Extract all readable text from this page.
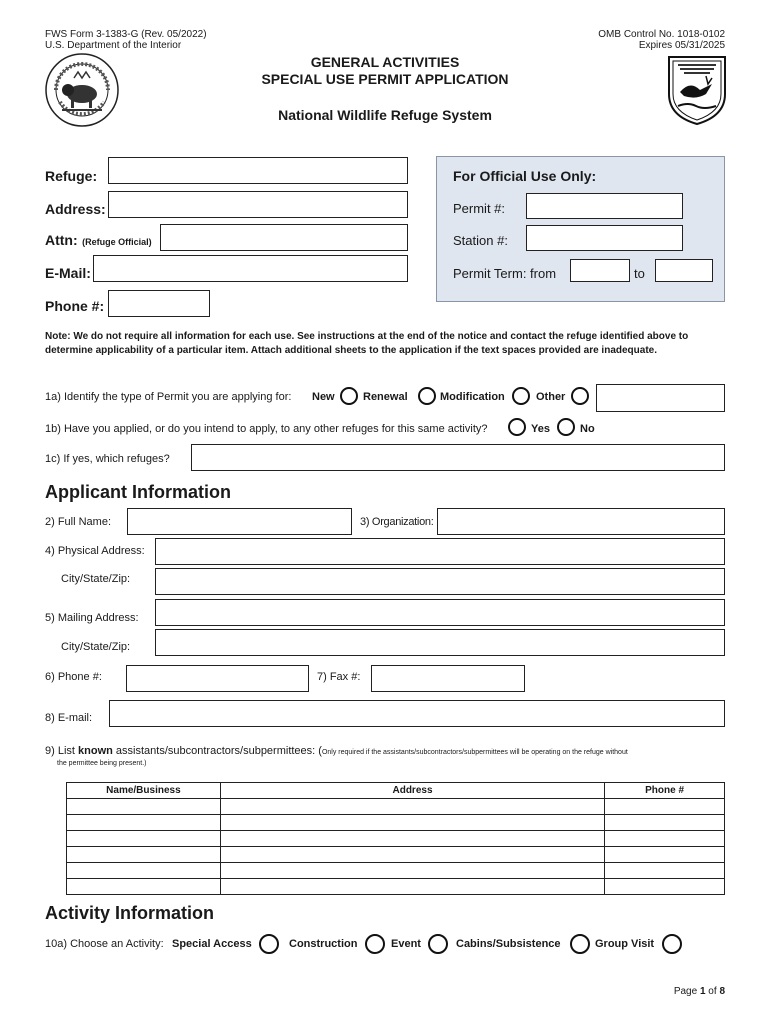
FWS Form 3-1383-G (Rev. 05/2022)
U.S. Department of the Interior
OMB Control No. 1018-0102
Expires 05/31/2025
GENERAL ACTIVITIES
SPECIAL USE PERMIT APPLICATION
National Wildlife Refuge System
Refuge:
Address:
Attn: (Refuge Official)
E-Mail:
Phone #:
For Official Use Only:
Permit #:
Station #:
Permit Term: from	to
Note: We do not require all information for each use. See instructions at the end of the notice and contact the refuge identified above to determine applicability of a particular item. Attach additional sheets to the application if the text spaces provided are inadequate.
1a) Identify the type of Permit you are applying for: New	Renewal	Modification	Other
1b) Have you applied, or do you intend to apply, to any other refuges for this same activity?	Yes	No
1c) If yes, which refuges?
Applicant Information
2) Full Name:	3) Organization:
4) Physical Address:
City/State/Zip:
5) Mailing Address:
City/State/Zip:
6) Phone #:	7) Fax #:
8) E-mail:
9) List known assistants/subcontractors/subpermittees: (Only required if the assistants/subcontractors/subpermittees will be operating on the refuge without
the permittee being present.)
Name/Business	Address	Phone #

Activity Information
10a) Choose an Activity: Special Access	Construction	Event	Cabins/Subsistence	Group Visit
Page 1 of 8
